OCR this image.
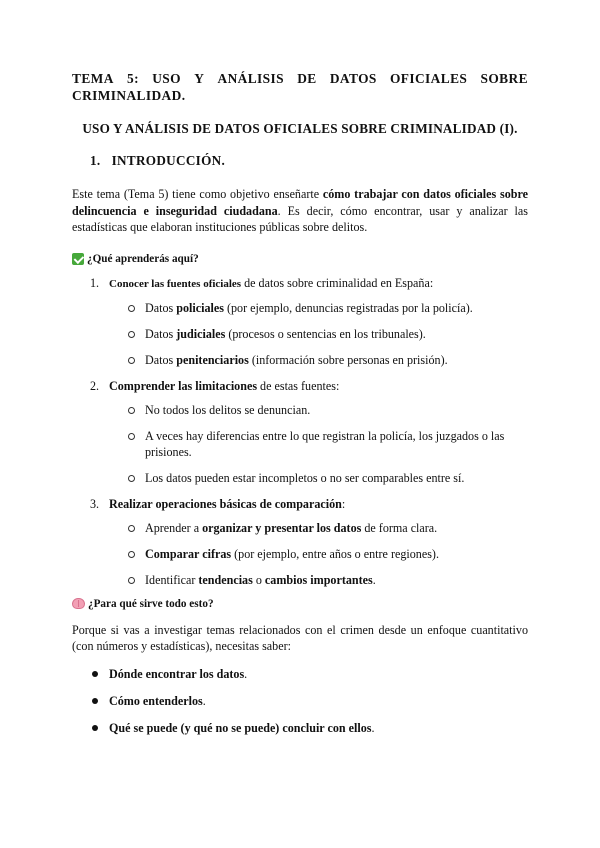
TEMA 5: USO Y ANÁLISIS DE DATOS OFICIALES SOBRE
CRIMINALIDAD.
USO Y ANÁLISIS DE DATOS OFICIALES SOBRE CRIMINALIDAD (I).
1. INTRODUCCIÓN.

Este tema (Tema 5) tiene como objetivo enseñarte cómo trabajar con datos oficiales sobre delincuencia e inseguridad ciudadana. Es decir, cómo encontrar, usar y analizar las estadísticas que elaboran instituciones públicas sobre delitos.

¿Qué aprenderás aquí?
1. Conocer las fuentes oficiales de datos sobre criminalidad en España:
Datos policiales (por ejemplo, denuncias registradas por la policía).
Datos judiciales (procesos o sentencias en los tribunales).
Datos penitenciarios (información sobre personas en prisión).
2. Comprender las limitaciones de estas fuentes:
No todos los delitos se denuncian.
A veces hay diferencias entre lo que registran la policía, los juzgados o las prisiones.
Los datos pueden estar incompletos o no ser comparables entre sí.
3. Realizar operaciones básicas de comparación:
Aprender a organizar y presentar los datos de forma clara.
Comparar cifras (por ejemplo, entre años o entre regiones).
Identificar tendencias o cambios importantes.
¿Para qué sirve todo esto?

Porque si vas a investigar temas relacionados con el crimen desde un enfoque cuantitativo (con números y estadísticas), necesitas saber:

Dónde encontrar los datos.
Cómo entenderlos.
Qué se puede (y qué no se puede) concluir con ellos.
